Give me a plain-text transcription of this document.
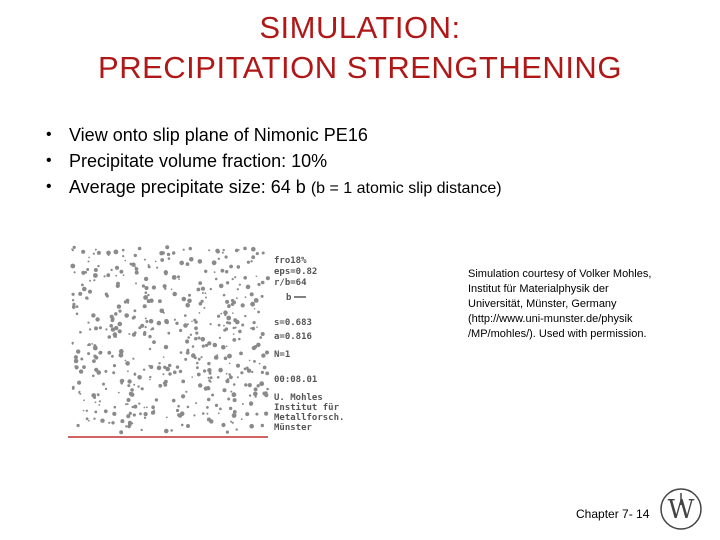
SIMULATION:
PRECIPITATION STRENGTHENING
• View onto slip plane of Nimonic PE16
• Precipitate volume fraction: 10%
• Average precipitate size: 64 b (b = 1 atomic slip distance)
fro18%
eps=0.82
r/b=64
b
s=0.683
a=0.816
N=1
00:08.01
U. Mohles
Institut für
Metallforsch.
Münster
Simulation courtesy of Volker Mohles, Institut für Materialphysik der Universität, Münster, Germany (http://www.uni-munster.de/physik /MP/mohles/). Used with permission.
Chapter 7- 14 W
